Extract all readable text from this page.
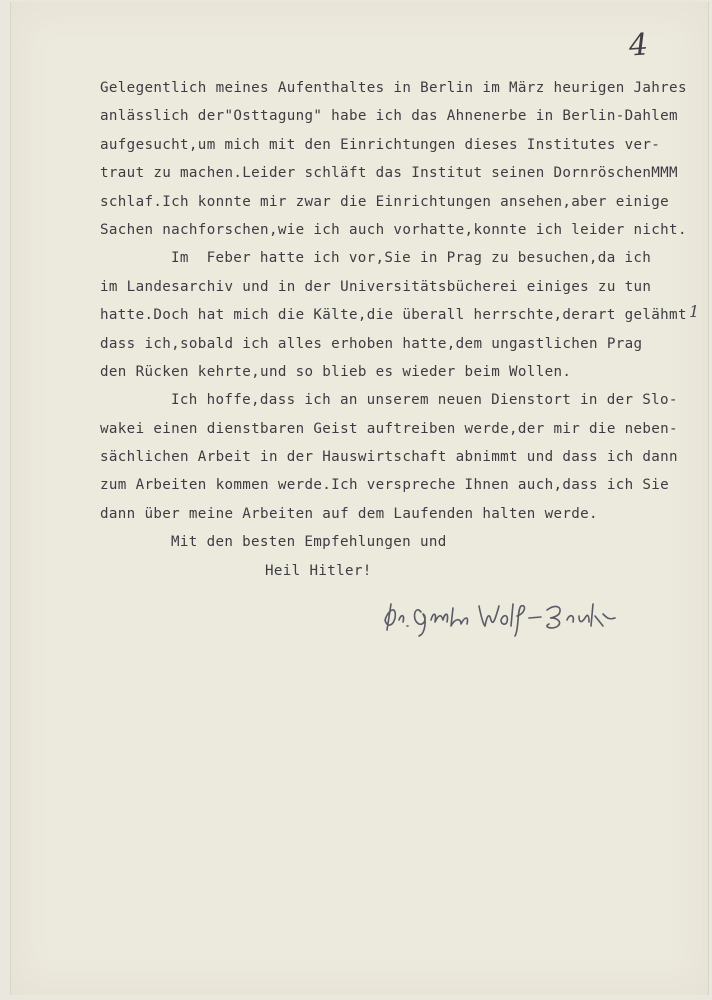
4
1
Gelegentlich meines Aufenthaltes in Berlin im März heurigen Jahres
anlässlich der"Osttagung" habe ich das Ahnenerbe in Berlin-Dahlem
aufgesucht,um mich mit den Einrichtungen dieses Institutes ver-
traut zu machen.Leider schläft das Institut seinen DornröschenMMM
schlaf.Ich konnte mir zwar die Einrichtungen ansehen,aber einige
Sachen nachforschen,wie ich auch vorhatte,konnte ich leider nicht.
Im  Feber hatte ich vor,Sie in Prag zu besuchen,da ich
im Landesarchiv und in der Universitätsbücherei einiges zu tun
hatte.Doch hat mich die Kälte,die überall herrschte,derart gelähmt
dass ich,sobald ich alles erhoben hatte,dem ungastlichen Prag
den Rücken kehrte,und so blieb es wieder beim Wollen.
Ich hoffe,dass ich an unserem neuen Dienstort in der Slo-
wakei einen dienstbaren Geist auftreiben werde,der mir die neben-
sächlichen Arbeit in der Hauswirtschaft abnimmt und dass ich dann
zum Arbeiten kommen werde.Ich verspreche Ihnen auch,dass ich Sie
dann über meine Arbeiten auf dem Laufenden halten werde.
Mit den besten Empfehlungen und
Heil Hitler!
